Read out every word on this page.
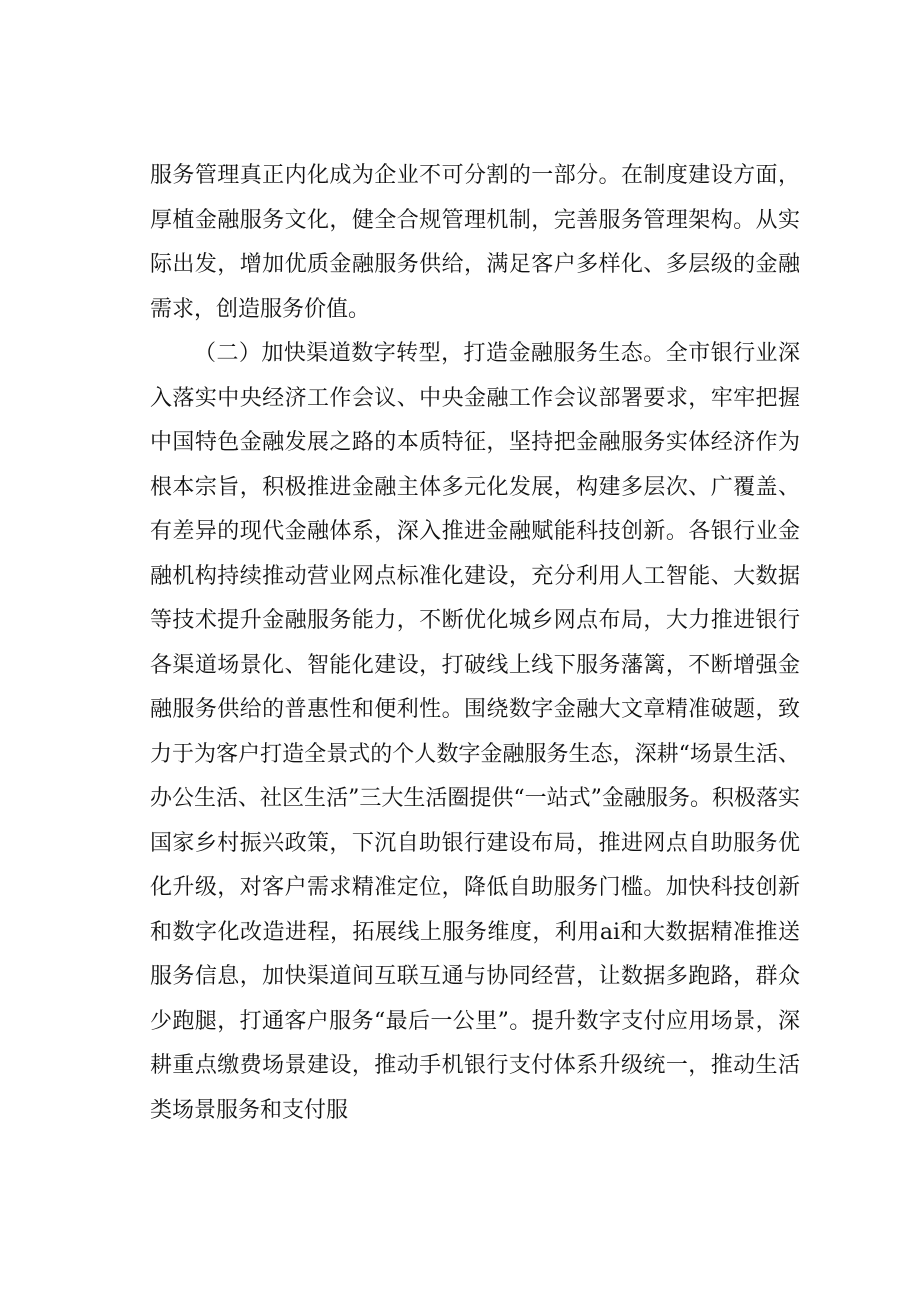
服务管理真正内化成为企业不可分割的一部分。在制度建设方面，厚植金融服务文化，健全合规管理机制，完善服务管理架构。从实际出发，增加优质金融服务供给，满足客户多样化、多层级的金融需求，创造服务价值。

（二）加快渠道数字转型，打造金融服务生态。全市银行业深入落实中央经济工作会议、中央金融工作会议部署要求，牢牢把握中国特色金融发展之路的本质特征，坚持把金融服务实体经济作为根本宗旨，积极推进金融主体多元化发展，构建多层次、广覆盖、有差异的现代金融体系，深入推进金融赋能科技创新。各银行业金融机构持续推动营业网点标准化建设，充分利用人工智能、大数据等技术提升金融服务能力，不断优化城乡网点布局，大力推进银行各渠道场景化、智能化建设，打破线上线下服务藩篱，不断增强金融服务供给的普惠性和便利性。围绕数字金融大文章精准破题，致力于为客户打造全景式的个人数字金融服务生态，深耕“场景生活、办公生活、社区生活”三大生活圈提供“一站式”金融服务。积极落实国家乡村振兴政策，下沉自助银行建设布局，推进网点自助服务优化升级，对客户需求精准定位，降低自助服务门槛。加快科技创新和数字化改造进程，拓展线上服务维度，利用ai和大数据精准推送服务信息，加快渠道间互联互通与协同经营，让数据多跑路，群众少跑腿，打通客户服务“最后一公里”。提升数字支付应用场景，深耕重点缴费场景建设，推动手机银行支付体系升级统一，推动生活类场景服务和支付服
